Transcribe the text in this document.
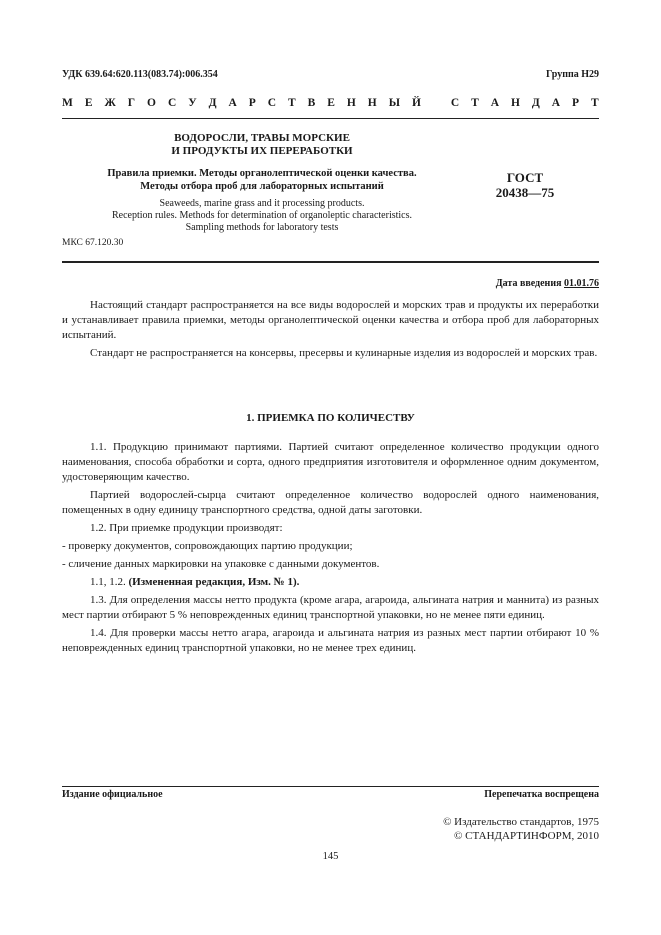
УДК 639.64:620.113(083.74):006.354	Группа Н29
М Е Ж Г О С У Д А Р С Т В Е Н Н Ы Й	С Т А Н Д А Р Т
ВОДОРОСЛИ, ТРАВЫ МОРСКИЕ
И ПРОДУКТЫ ИХ ПЕРЕРАБОТКИ
Правила приемки. Методы органолептической оценки качества.
Методы отбора проб для лабораторных испытаний
Seaweeds, marine grass and it processing products.
Reception rules. Methods for determination of organoleptic characteristics.
Sampling methods for laboratory tests
ГОСТ
20438—75
МКС 67.120.30
Дата введения 01.01.76

Настоящий стандарт распространяется на все виды водорослей и морских трав и продукты их переработки и устанавливает правила приемки, методы органолептической оценки качества и отбора проб для лабораторных испытаний.

Стандарт не распространяется на консервы, пресервы и кулинарные изделия из водорослей и морских трав.

1. ПРИЕМКА ПО КОЛИЧЕСТВУ

1.1. Продукцию принимают партиями. Партией считают определенное количество продукции одного наименования, способа обработки и сорта, одного предприятия изготовителя и оформленное одним документом, удостоверяющим качество.

Партией водорослей-сырца считают определенное количество водорослей одного наименования, помещенных в одну единицу транспортного средства, одной даты заготовки.

1.2. При приемке продукции производят:

- проверку документов, сопровождающих партию продукции;

- сличение данных маркировки на упаковке с данными документов.

1.1, 1.2. (Измененная редакция, Изм. № 1).

1.3. Для определения массы нетто продукта (кроме агара, агароида, альгината натрия и маннита) из разных мест партии отбирают 5 % неповрежденных единиц транспортной упаковки, но не менее пяти единиц.

1.4. Для проверки массы нетто агара, агароида и альгината натрия из разных мест партии отбирают 10 % неповрежденных единиц транспортной упаковки, но не менее трех единиц.

Издание официальное	Перепечатка воспрещена
© Издательство стандартов, 1975
© СТАНДАРТИНФОРМ, 2010
145
